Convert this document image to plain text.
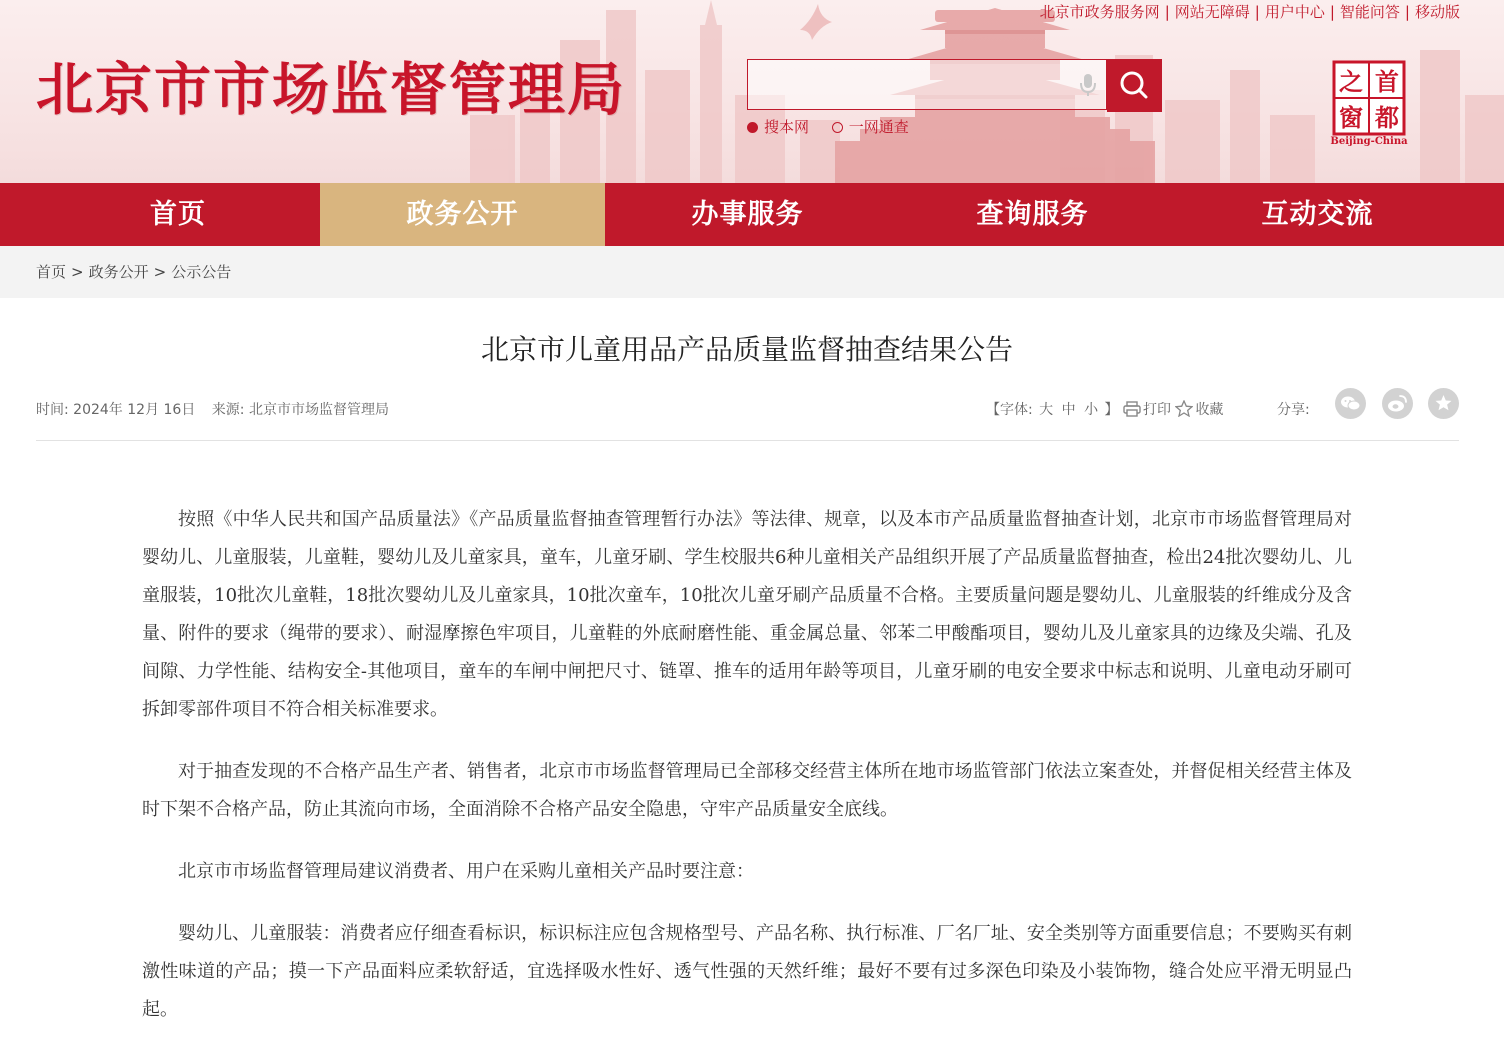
北京市政务服务网 | 网站无障碍 | 用户中心 | 智能问答 | 移动版
北京市市场监督管理局
搜本网	一网通查
之 首
窗 都
Beijing-China
首页	政务公开	办事服务	查询服务	互动交流
首页 > 政务公开 > 公示公告
北京市儿童用品产品质量监督抽查结果公告
时间: 2024年 12月 16日 来源: 北京市市场监督管理局	【字体: 大 中 小 】 打印 收藏	分享:

按照《中华人民共和国产品质量法》《产品质量监督抽查管理暂行办法》等法律、规章，以及本市产品质量监督抽查计划，北京市市场监督管理局对婴幼儿、儿童服装，儿童鞋，婴幼儿及儿童家具，童车，儿童牙刷、学生校服共6种儿童相关产品组织开展了产品质量监督抽查，检出24批次婴幼儿、儿童服装，10批次儿童鞋，18批次婴幼儿及儿童家具，10批次童车，10批次儿童牙刷产品质量不合格。主要质量问题是婴幼儿、儿童服装的纤维成分及含量、附件的要求（绳带的要求）、耐湿摩擦色牢项目，儿童鞋的外底耐磨性能、重金属总量、邻苯二甲酸酯项目，婴幼儿及儿童家具的边缘及尖端、孔及间隙、力学性能、结构安全-其他项目，童车的车闸中闸把尺寸、链罩、推车的适用年龄等项目，儿童牙刷的电安全要求中标志和说明、儿童电动牙刷可拆卸零部件项目不符合相关标准要求。

对于抽查发现的不合格产品生产者、销售者，北京市市场监督管理局已全部移交经营主体所在地市场监管部门依法立案查处，并督促相关经营主体及时下架不合格产品，防止其流向市场，全面消除不合格产品安全隐患，守牢产品质量安全底线。

北京市市场监督管理局建议消费者、用户在采购儿童相关产品时要注意：

婴幼儿、儿童服装：消费者应仔细查看标识，标识标注应包含规格型号、产品名称、执行标准、厂名厂址、安全类别等方面重要信息；不要购买有刺激性味道的产品；摸一下产品面料应柔软舒适，宜选择吸水性好、透气性强的天然纤维；最好不要有过多深色印染及小装饰物，缝合处应平滑无明显凸起。
